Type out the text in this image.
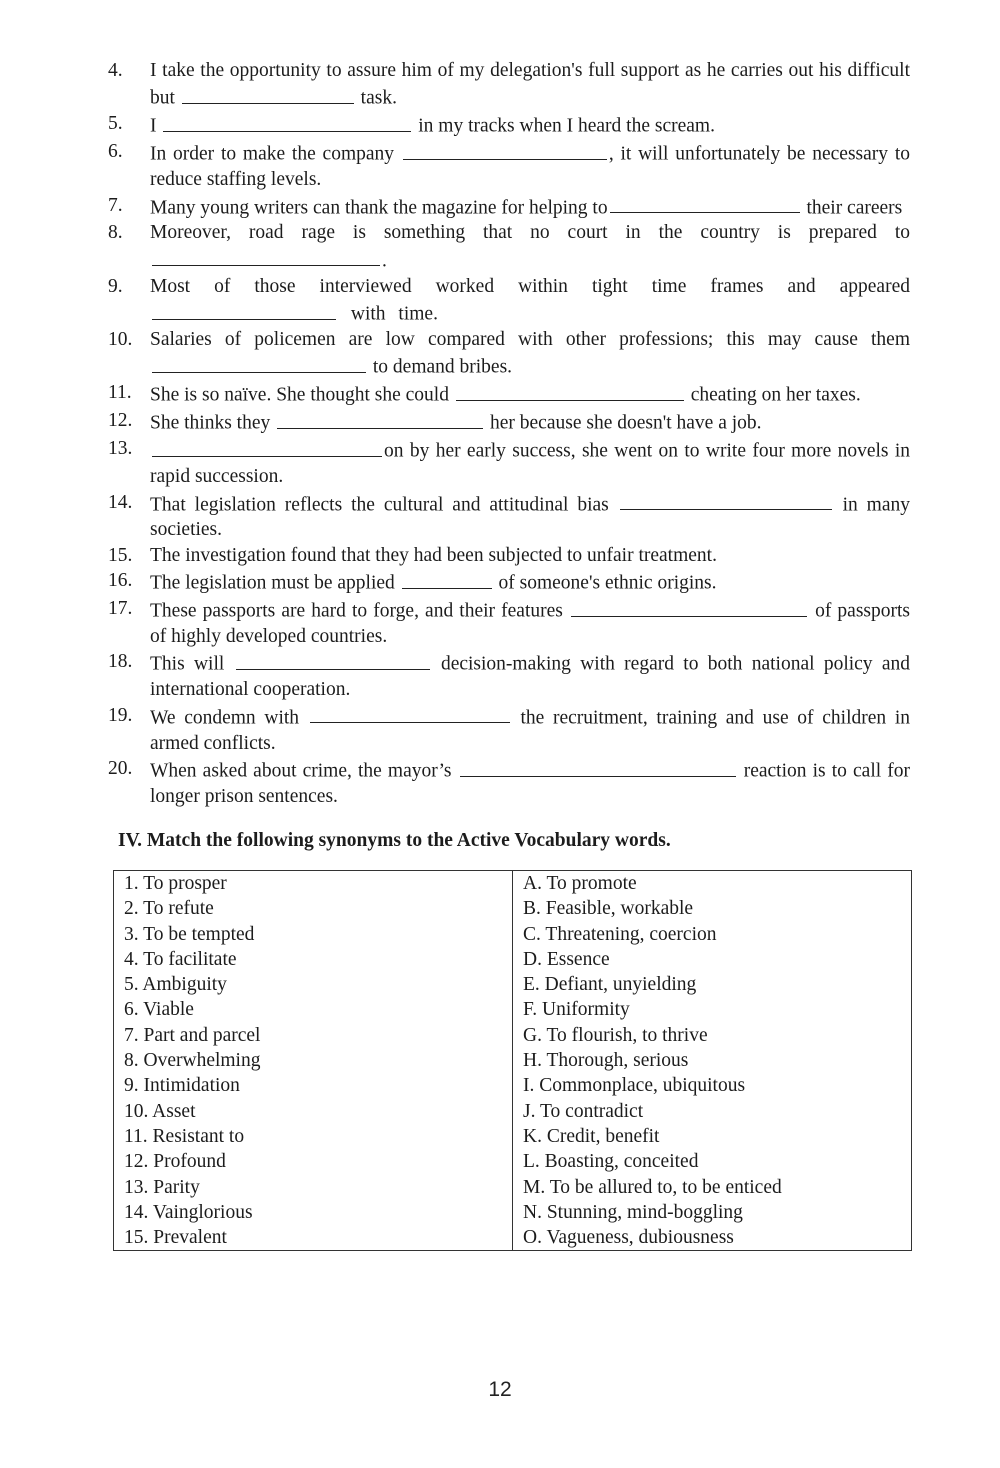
4.	I take the opportunity to assure him of my delegation's full support as he carries out his difficult but	task.
5.	I	in my tracks when I heard the scream.
6.	In order to make the company	, it will unfortunately be necessary to reduce staffing levels.
7.	Many young writers can thank the magazine for helping to	their careers
8.	Moreover, road rage is something that no court in the country is prepared to .
9.	Most of those interviewed worked within tight time frames and appeared  with time.
10. Salaries of policemen are low compared with other professions; this may cause them  to demand bribes.
11. She is so naïve. She thought she could	cheating on her taxes.
12. She thinks they	her because she doesn't have a job.
13.	on by her early success, she went on to write four more novels in rapid succession.
14. That legislation reflects the cultural and attitudinal bias	in many societies.
15. The investigation found that they had been subjected to unfair treatment.
16. The legislation must be applied	of someone's ethnic origins.
17. These passports are hard to forge, and their features	of passports of highly developed countries.
18. This will	decision-making with regard to both national policy and international cooperation.
19. We condemn with	the recruitment, training and use of children in armed conflicts.
20. When asked about crime, the mayor’s	reaction is to call for longer prison sentences.
IV. Match the following synonyms to the Active Vocabulary words.
1. To prosper	A. To promote
2. To refute	B. Feasible, workable
3. To be tempted	C. Threatening, coercion
4. To facilitate	D. Essence
5. Ambiguity	E. Defiant, unyielding
6. Viable	F. Uniformity
7. Part and parcel	G. To flourish, to thrive
8. Overwhelming	H. Thorough, serious
9. Intimidation	I. Commonplace, ubiquitous
10. Asset	J. To contradict
11. Resistant to	K. Credit, benefit
12. Profound	L. Boasting, conceited
13. Parity	M. To be allured to, to be enticed
14. Vainglorious	N. Stunning, mind-boggling
15. Prevalent	O. Vagueness, dubiousness
12
